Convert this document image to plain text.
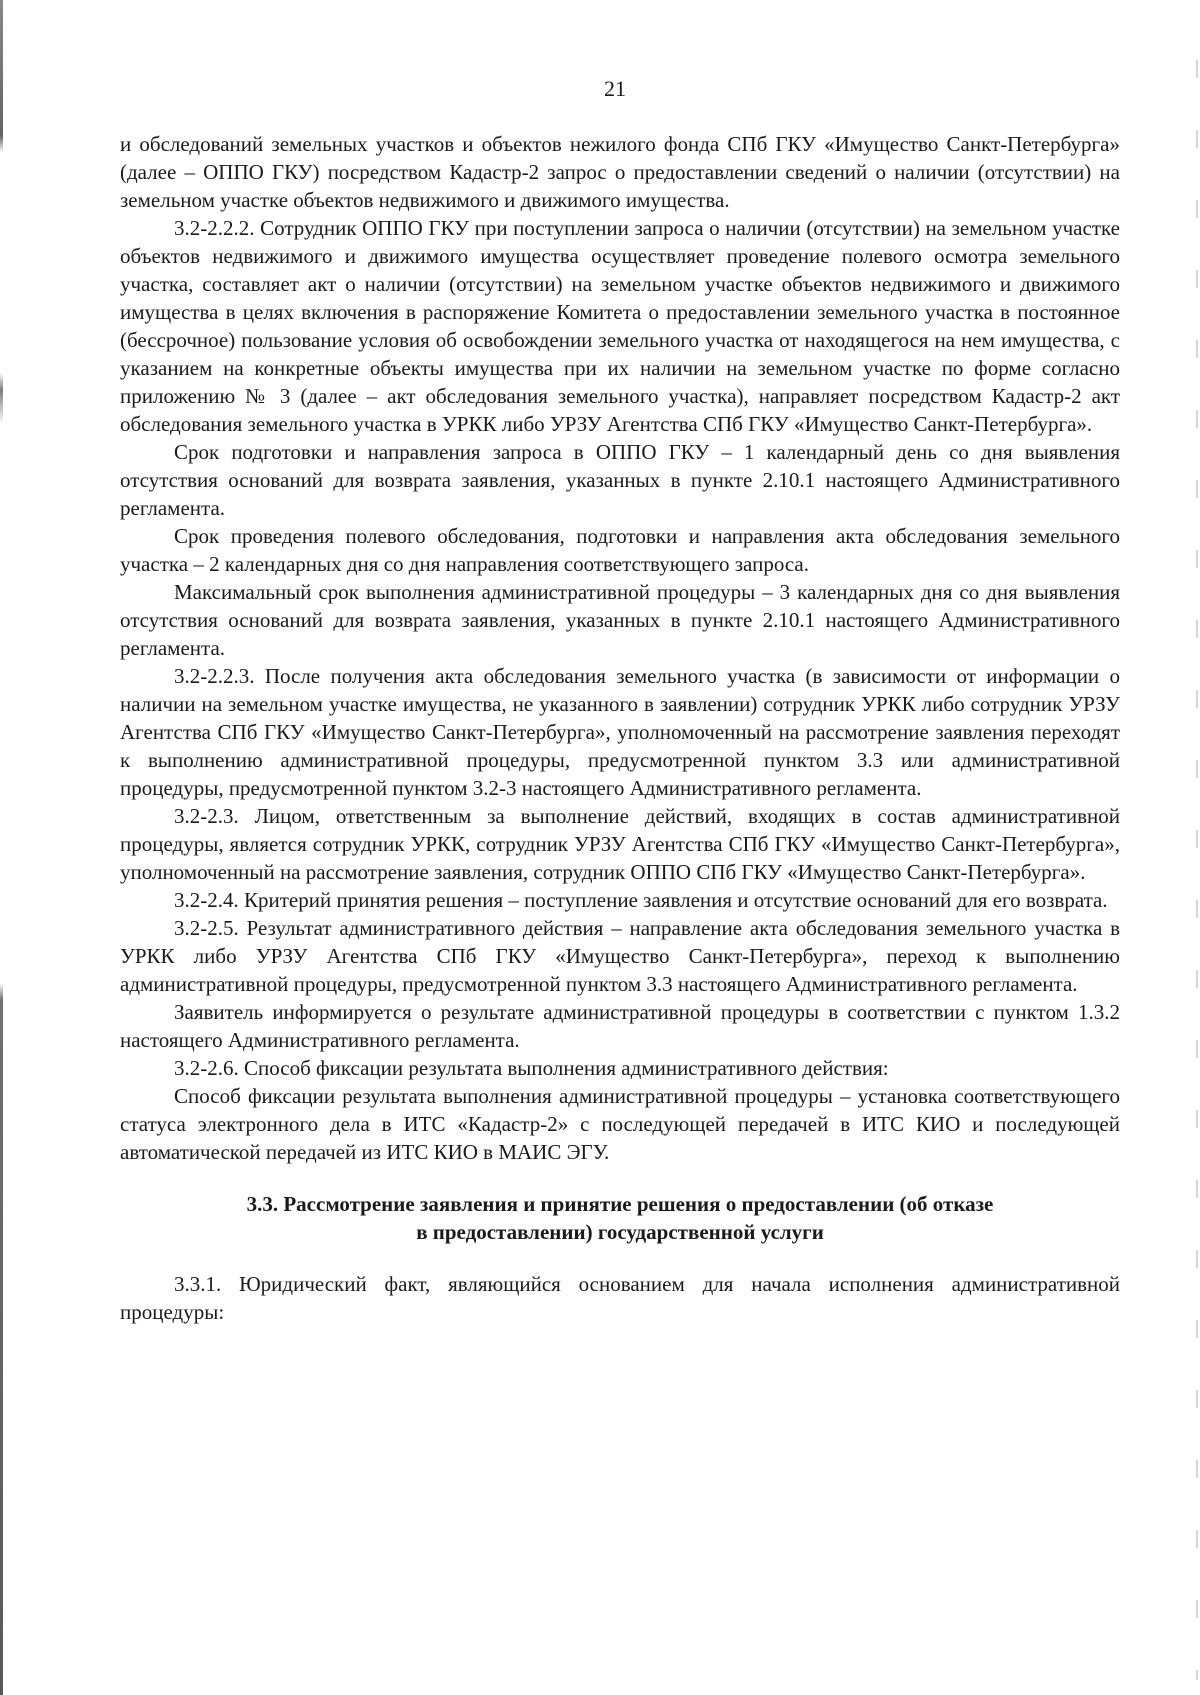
21

и обследований земельных участков и объектов нежилого фонда СПб ГКУ «Имущество Санкт-Петербурга» (далее – ОППО ГКУ) посредством Кадастр-2 запрос о предоставлении сведений о наличии (отсутствии) на земельном участке объектов недвижимого и движимого имущества.

3.2-2.2.2. Сотрудник ОППО ГКУ при поступлении запроса о наличии (отсутствии) на земельном участке объектов недвижимого и движимого имущества осуществляет проведение полевого осмотра земельного участка, составляет акт о наличии (отсутствии) на земельном участке объектов недвижимого и движимого имущества в целях включения в распоряжение Комитета о предоставлении земельного участка в постоянное (бессрочное) пользование условия об освобождении земельного участка от находящегося на нем имущества, с указанием на конкретные объекты имущества при их наличии на земельном участке по форме согласно приложению № 3 (далее – акт обследования земельного участка), направляет посредством Кадастр-2 акт обследования земельного участка в УРКК либо УРЗУ Агентства СПб ГКУ «Имущество Санкт-Петербурга».

Срок подготовки и направления запроса в ОППО ГКУ – 1 календарный день со дня выявления отсутствия оснований для возврата заявления, указанных в пункте 2.10.1 настоящего Административного регламента.

Срок проведения полевого обследования, подготовки и направления акта обследования земельного участка – 2 календарных дня со дня направления соответствующего запроса.

Максимальный срок выполнения административной процедуры – 3 календарных дня со дня выявления отсутствия оснований для возврата заявления, указанных в пункте 2.10.1 настоящего Административного регламента.

3.2-2.2.3. После получения акта обследования земельного участка (в зависимости от информации о наличии на земельном участке имущества, не указанного в заявлении) сотрудник УРКК либо сотрудник УРЗУ Агентства СПб ГКУ «Имущество Санкт-Петербурга», уполномоченный на рассмотрение заявления переходят к выполнению административной процедуры, предусмотренной пунктом 3.3 или административной процедуры, предусмотренной пунктом 3.2-3 настоящего Административного регламента.

3.2-2.3. Лицом, ответственным за выполнение действий, входящих в состав административной процедуры, является сотрудник УРКК, сотрудник УРЗУ Агентства СПб ГКУ «Имущество Санкт-Петербурга», уполномоченный на рассмотрение заявления, сотрудник ОППО СПб ГКУ «Имущество Санкт-Петербурга».

3.2-2.4. Критерий принятия решения – поступление заявления и отсутствие оснований для его возврата.

3.2-2.5. Результат административного действия – направление акта обследования земельного участка в УРКК либо УРЗУ Агентства СПб ГКУ «Имущество Санкт-Петербурга», переход к выполнению административной процедуры, предусмотренной пунктом 3.3 настоящего Административного регламента.

Заявитель информируется о результате административной процедуры в соответствии с пунктом 1.3.2 настоящего Административного регламента.

3.2-2.6. Способ фиксации результата выполнения административного действия:

Способ фиксации результата выполнения административной процедуры – установка соответствующего статуса электронного дела в ИТС «Кадастр-2» с последующей передачей в ИТС КИО и последующей автоматической передачей из ИТС КИО в МАИС ЭГУ.

3.3. Рассмотрение заявления и принятие решения о предоставлении (об отказе
в предоставлении) государственной услуги

3.3.1. Юридический факт, являющийся основанием для начала исполнения административной процедуры:
